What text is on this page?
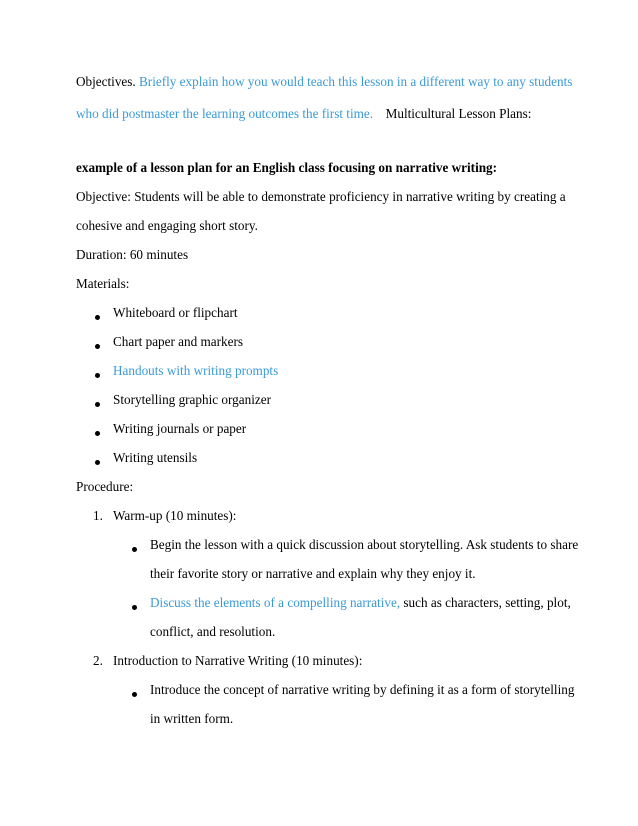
Objectives. Briefly explain how you would teach this lesson in a different way to any students
who did postmaster the learning outcomes the first time. Multicultural Lesson Plans:
example of a lesson plan for an English class focusing on narrative writing:
Objective: Students will be able to demonstrate proficiency in narrative writing by creating a
cohesive and engaging short story.
Duration: 60 minutes
Materials:
Whiteboard or flipchart
Chart paper and markers
Handouts with writing prompts
Storytelling graphic organizer
Writing journals or paper
Writing utensils
Procedure:
1. Warm-up (10 minutes):
Begin the lesson with a quick discussion about storytelling. Ask students to share
their favorite story or narrative and explain why they enjoy it.
Discuss the elements of a compelling narrative, such as characters, setting, plot,
conflict, and resolution.
2. Introduction to Narrative Writing (10 minutes):
Introduce the concept of narrative writing by defining it as a form of storytelling
in written form.
